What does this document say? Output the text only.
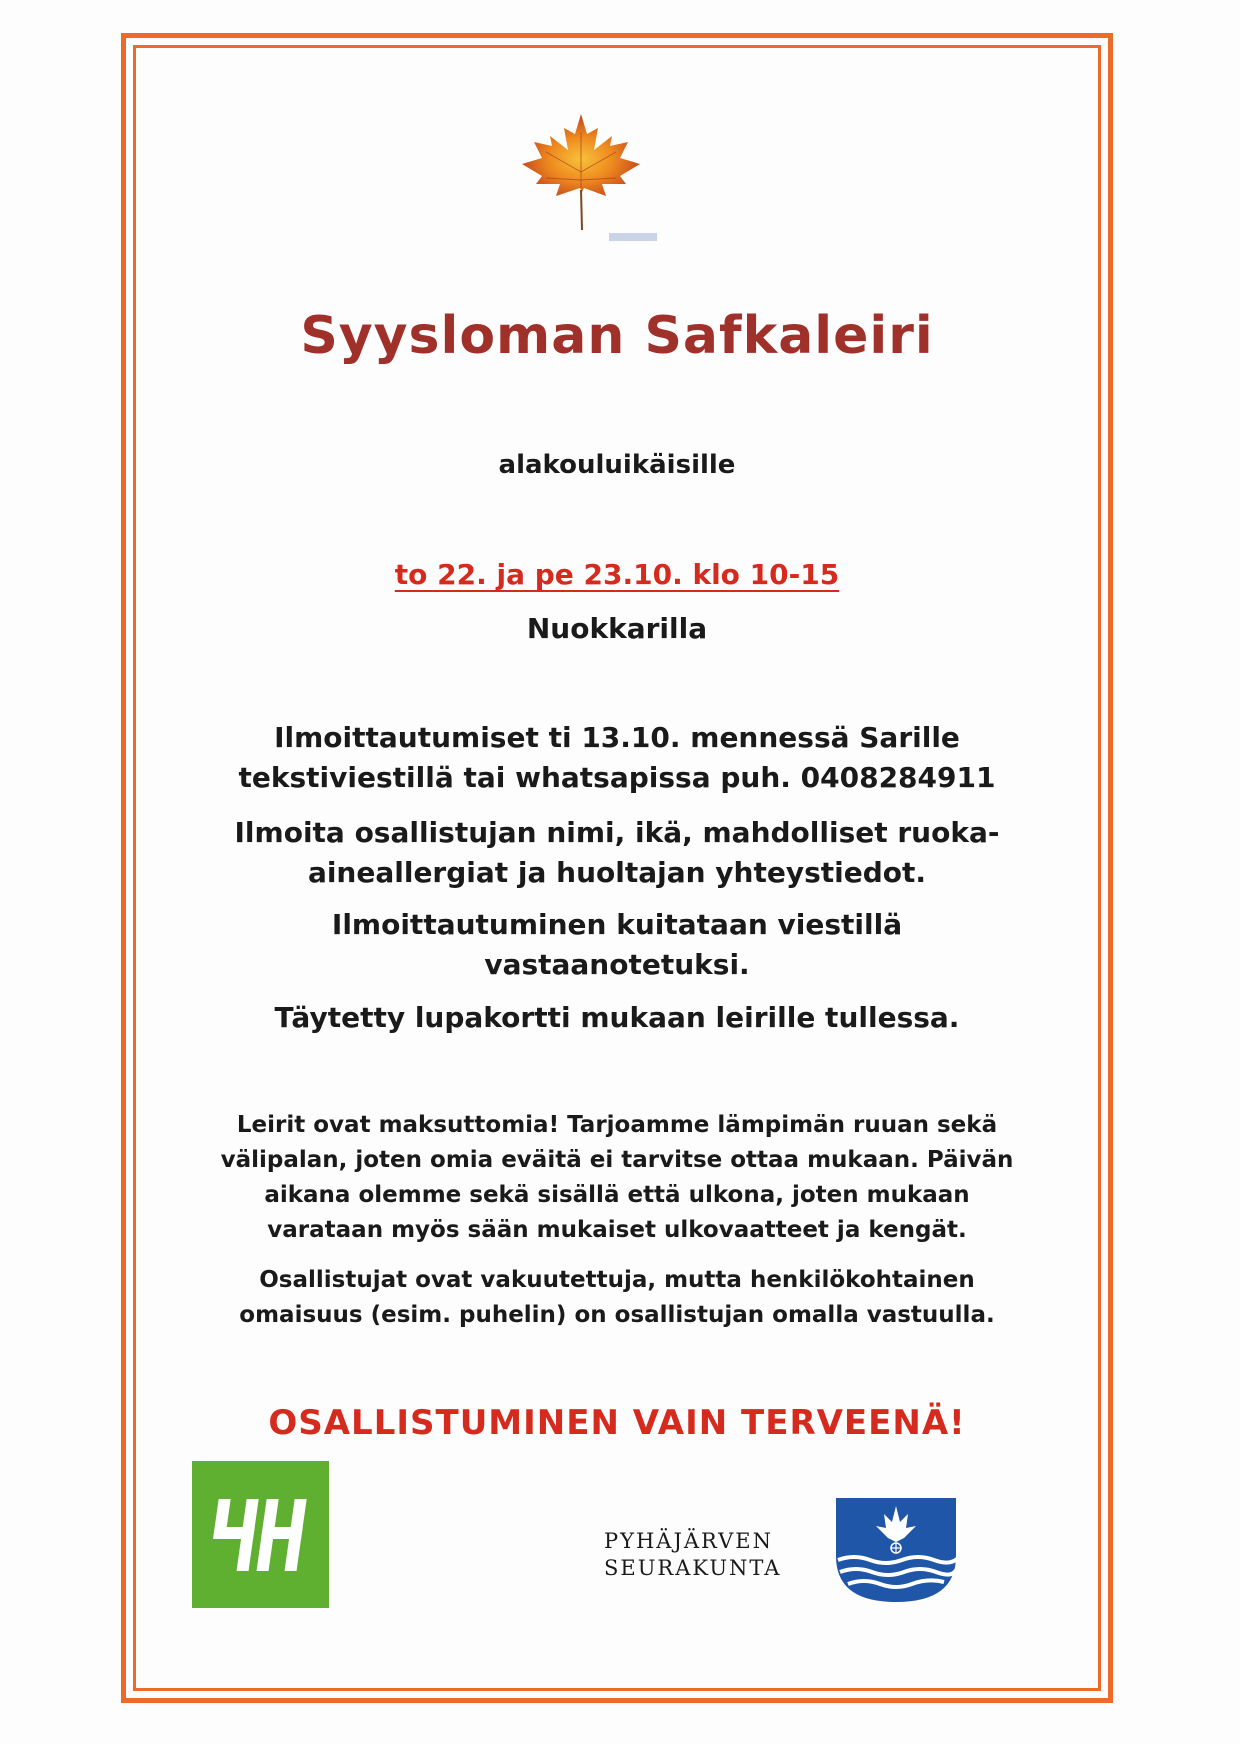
Syysloman Safkaleiri
alakouluikäisille
to 22. ja pe 23.10. klo 10-15
Nuokkarilla
Ilmoittautumiset ti 13.10. mennessä Sarille
tekstiviestillä tai whatsapissa puh. 0408284911
Ilmoita osallistujan nimi, ikä, mahdolliset ruoka-
aineallergiat ja huoltajan yhteystiedot.
Ilmoittautuminen kuitataan viestillä
vastaanotetuksi.
Täytetty lupakortti mukaan leirille tullessa.
Leirit ovat maksuttomia! Tarjoamme lämpimän ruuan sekä
välipalan, joten omia eväitä ei tarvitse ottaa mukaan. Päivän
aikana olemme sekä sisällä että ulkona, joten mukaan
varataan myös sään mukaiset ulkovaatteet ja kengät.
Osallistujat ovat vakuutettuja, mutta henkilökohtainen
omaisuus (esim. puhelin) on osallistujan omalla vastuulla.
OSALLISTUMINEN VAIN TERVEENÄ!
PYHÄJÄRVEN
SEURAKUNTA
